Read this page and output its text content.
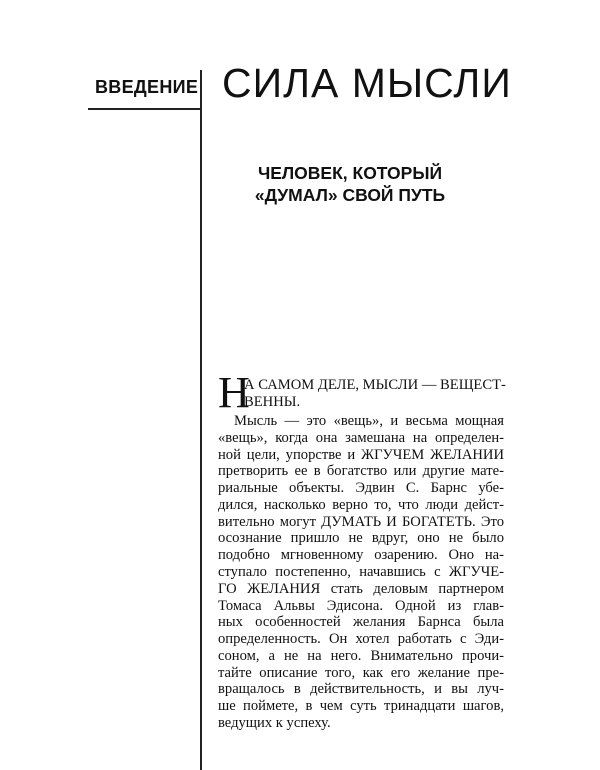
ВВЕДЕНИЕ СИЛА МЫСЛИ
ЧЕЛОВЕК, КОТОРЫЙ
«ДУМАЛ» СВОЙ ПУТЬ
Н
А САМОМ ДЕЛЕ, МЫСЛИ — ВЕЩЕСТ-
ВЕННЫ.
Мысль — это «вещь», и весьма мощная
«вещь», когда она замешана на определен-
ной цели, упорстве и ЖГУЧЕМ ЖЕЛАНИИ
претворить ее в богатство или другие мате-
риальные объекты. Эдвин С. Барнс убе-
дился, насколько верно то, что люди дейст-
вительно могут ДУМАТЬ И БОГАТЕТЬ. Это
осознание пришло не вдруг, оно не было
подобно мгновенному озарению. Оно на-
ступало постепенно, начавшись с ЖГУЧЕ-
ГО ЖЕЛАНИЯ стать деловым партнером
Томаса Альвы Эдисона. Одной из глав-
ных особенностей желания Барнса была
определенность. Он хотел работать с Эди-
соном, а не на него. Внимательно прочи-
тайте описание того, как его желание пре-
вращалось в действительность, и вы луч-
ше поймете, в чем суть тринадцати шагов,
ведущих к успеху.
